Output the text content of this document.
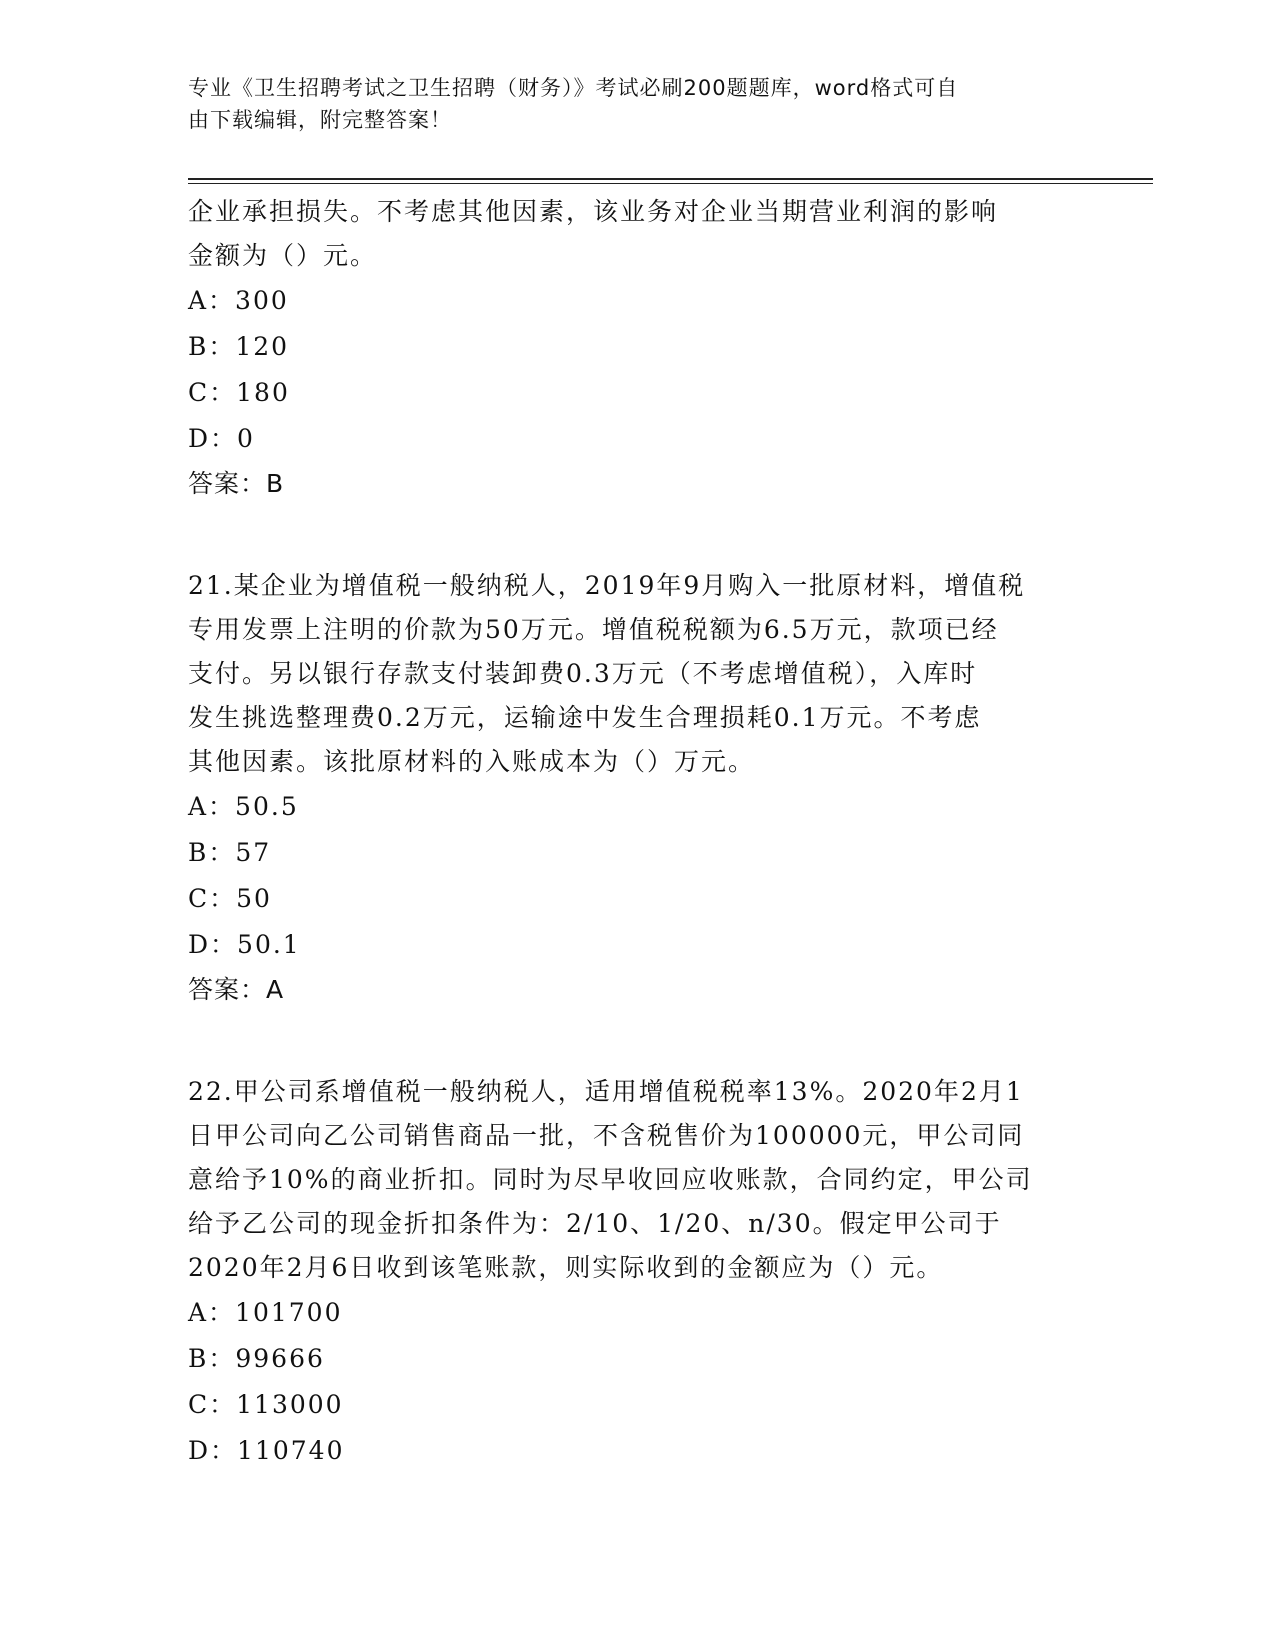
专业《卫生招聘考试之卫生招聘（财务）》考试必刷200题题库，word格式可自
由下载编辑，附完整答案！

企业承担损失。不考虑其他因素，该业务对企业当期营业利润的影响

金额为（）元。

A：300

B：120

C：180

D：0

答案：B

21.某企业为增值税一般纳税人，2019年9月购入一批原材料，增值税

专用发票上注明的价款为50万元。增值税税额为6.5万元，款项已经

支付。另以银行存款支付装卸费0.3万元（不考虑增值税），入库时

发生挑选整理费0.2万元，运输途中发生合理损耗0.1万元。不考虑

其他因素。该批原材料的入账成本为（）万元。

A：50.5

B：57

C：50

D：50.1

答案：A

22.甲公司系增值税一般纳税人，适用增值税税率13%。2020年2月1

日甲公司向乙公司销售商品一批，不含税售价为100000元，甲公司同

意给予10%的商业折扣。同时为尽早收回应收账款，合同约定，甲公司

给予乙公司的现金折扣条件为：2/10、1/20、n/30。假定甲公司于

2020年2月6日收到该笔账款，则实际收到的金额应为（）元。

A：101700

B：99666

C：113000

D：110740
